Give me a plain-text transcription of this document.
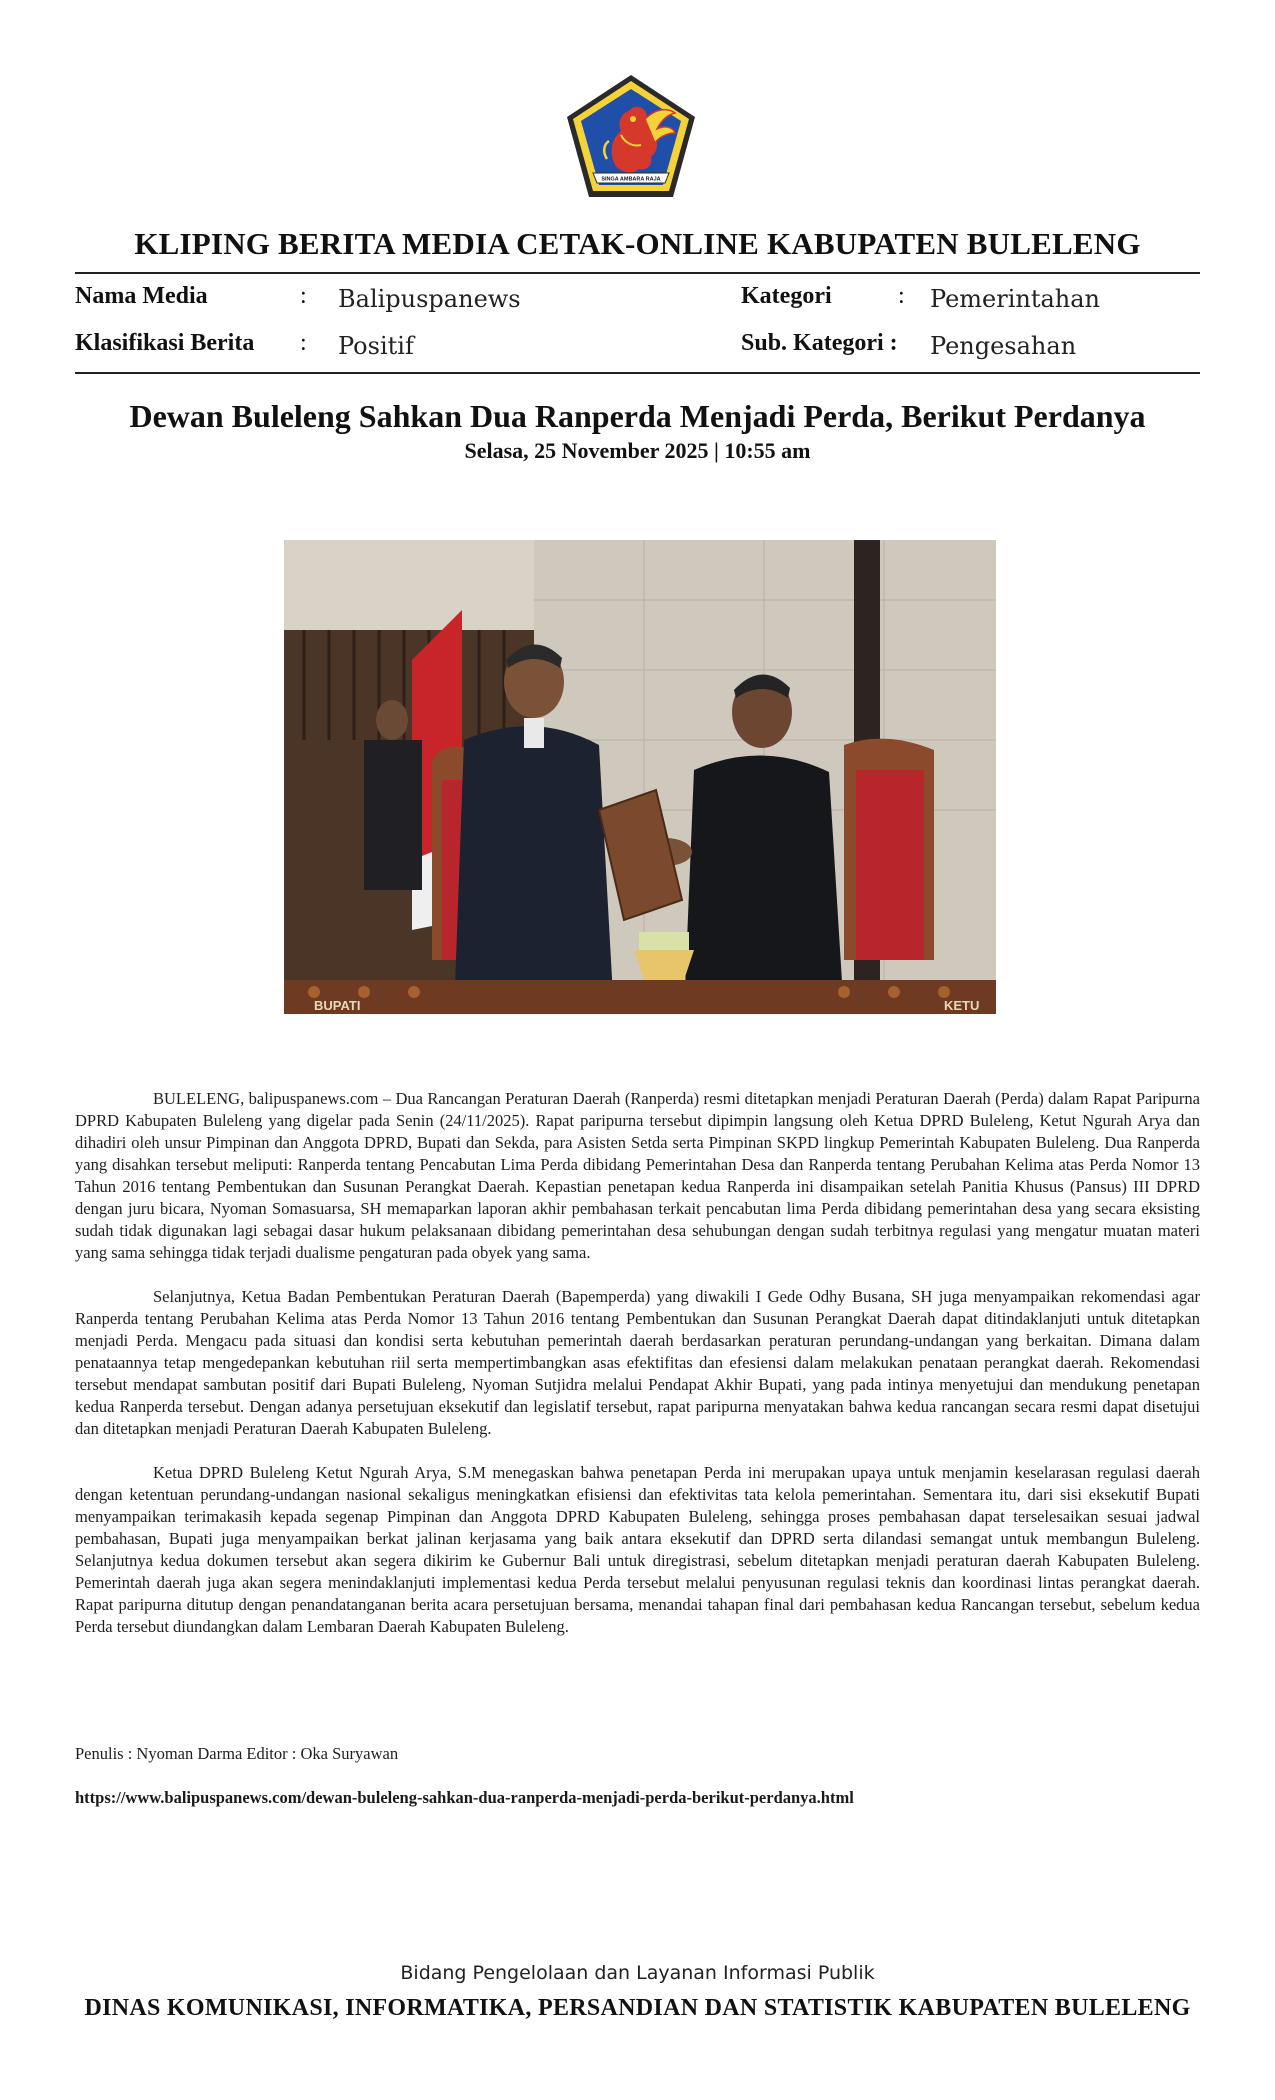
SINGA AMBARA RAJA
KLIPING BERITA MEDIA CETAK-ONLINE KABUPATEN BULELENG
Nama Media	: Balipuspanews	Kategori	: Pemerintahan
Klasifikasi Berita : Positif	Sub. Kategori : Pengesahan
Dewan Buleleng Sahkan Dua Ranperda Menjadi Perda, Berikut Perdanya
Selasa, 25 November 2025 | 10:55 am
BUPATI	KETU

BULELENG, balipuspanews.com – Dua Rancangan Peraturan Daerah (Ranperda) resmi ditetapkan menjadi Peraturan Daerah (Perda) dalam Rapat Paripurna DPRD Kabupaten Buleleng yang digelar pada Senin (24/11/2025). Rapat paripurna tersebut dipimpin langsung oleh Ketua DPRD Buleleng, Ketut Ngurah Arya dan dihadiri oleh unsur Pimpinan dan Anggota DPRD, Bupati dan Sekda, para Asisten Setda serta Pimpinan SKPD lingkup Pemerintah Kabupaten Buleleng. Dua Ranperda yang disahkan tersebut meliputi: Ranperda tentang Pencabutan Lima Perda dibidang Pemerintahan Desa dan Ranperda tentang Perubahan Kelima atas Perda Nomor 13 Tahun 2016 tentang Pembentukan dan Susunan Perangkat Daerah. Kepastian penetapan kedua Ranperda ini disampaikan setelah Panitia Khusus (Pansus) III DPRD dengan juru bicara, Nyoman Somasuarsa, SH memaparkan laporan akhir pembahasan terkait pencabutan lima Perda dibidang pemerintahan desa yang secara eksisting sudah tidak digunakan lagi sebagai dasar hukum pelaksanaan dibidang pemerintahan desa sehubungan dengan sudah terbitnya regulasi yang mengatur muatan materi yang sama sehingga tidak terjadi dualisme pengaturan pada obyek yang sama.

Selanjutnya, Ketua Badan Pembentukan Peraturan Daerah (Bapemperda) yang diwakili I Gede Odhy Busana, SH juga menyampaikan rekomendasi agar Ranperda tentang Perubahan Kelima atas Perda Nomor 13 Tahun 2016 tentang Pembentukan dan Susunan Perangkat Daerah dapat ditindaklanjuti untuk ditetapkan menjadi Perda. Mengacu pada situasi dan kondisi serta kebutuhan pemerintah daerah berdasarkan peraturan perundang-undangan yang berkaitan. Dimana dalam penataannya tetap mengedepankan kebutuhan riil serta mempertimbangkan asas efektifitas dan efesiensi dalam melakukan penataan perangkat daerah. Rekomendasi tersebut mendapat sambutan positif dari Bupati Buleleng, Nyoman Sutjidra melalui Pendapat Akhir Bupati, yang pada intinya menyetujui dan mendukung penetapan kedua Ranperda tersebut. Dengan adanya persetujuan eksekutif dan legislatif tersebut, rapat paripurna menyatakan bahwa kedua rancangan secara resmi dapat disetujui dan ditetapkan menjadi Peraturan Daerah Kabupaten Buleleng.

Ketua DPRD Buleleng Ketut Ngurah Arya, S.M menegaskan bahwa penetapan Perda ini merupakan upaya untuk menjamin keselarasan regulasi daerah dengan ketentuan perundang-undangan nasional sekaligus meningkatkan efisiensi dan efektivitas tata kelola pemerintahan. Sementara itu, dari sisi eksekutif Bupati menyampaikan terimakasih kepada segenap Pimpinan dan Anggota DPRD Kabupaten Buleleng, sehingga proses pembahasan dapat terselesaikan sesuai jadwal pembahasan, Bupati juga menyampaikan berkat jalinan kerjasama yang baik antara eksekutif dan DPRD serta dilandasi semangat untuk membangun Buleleng. Selanjutnya kedua dokumen tersebut akan segera dikirim ke Gubernur Bali untuk diregistrasi, sebelum ditetapkan menjadi peraturan daerah Kabupaten Buleleng. Pemerintah daerah juga akan segera menindaklanjuti implementasi kedua Perda tersebut melalui penyusunan regulasi teknis dan koordinasi lintas perangkat daerah. Rapat paripurna ditutup dengan penandatanganan berita acara persetujuan bersama, menandai tahapan final dari pembahasan kedua Rancangan tersebut, sebelum kedua Perda tersebut diundangkan dalam Lembaran Daerah Kabupaten Buleleng.

Penulis : Nyoman Darma Editor : Oka Suryawan
https://www.balipuspanews.com/dewan-buleleng-sahkan-dua-ranperda-menjadi-perda-berikut-perdanya.html
Bidang Pengelolaan dan Layanan Informasi Publik
DINAS KOMUNIKASI, INFORMATIKA, PERSANDIAN DAN STATISTIK KABUPATEN BULELENG
